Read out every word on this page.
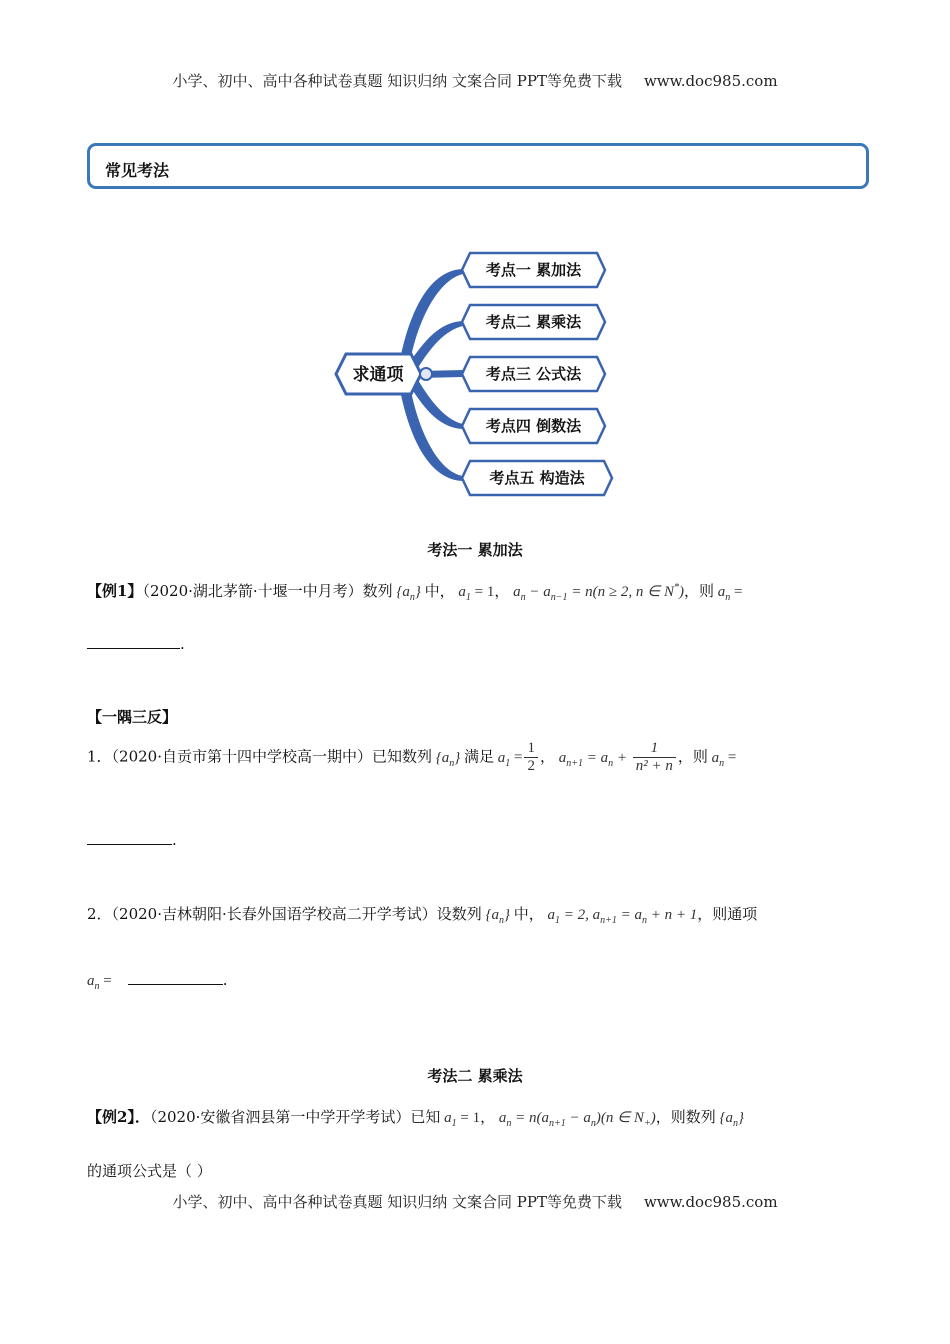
小学、初中、高中各种试卷真题 知识归纳 文案合同 PPT等免费下载 www.doc985.com
常见考法
求通项
考点一 累加法
考点二 累乘法
考点三 公式法
考点四 倒数法
考点五 构造法
考法一 累加法
【例1】（2020·湖北茅箭·十堰一中月考）数列 $\{a_n\}$ 中， $a_1 = 1$， $a_n - a_{n-1} = n(n \ge 2$, n ∈ N*)，则 $a_n$ =
.
【一隅三反】
1．（2020·自贡市第十四中学校高一期中）已知数列 $\{a_n\}$ 满足 $a_1 = \frac{1}{2}$ ， $a_{n+1} = a_n + \frac{1}{\text{n² + n}}$ ，则 $a_n$ =
.
2．（2020·吉林朝阳·长春外国语学校高二开学考试）设数列 $\{a_n\}$ 中， $a_1 = 2$, $a_{n+1} = a_n + n + 1$，则通项
$a_n$ =	.
考法二 累乘法
【例2】．（2020·安徽省泗县第一中学开学考试）已知 $a_1 = 1$， $a_n = n(a_{n+1} - a_n)(n$ ∈ $N_+$)，则数列 $\{a_n\}$
的通项公式是（ ）
小学、初中、高中各种试卷真题 知识归纳 文案合同 PPT等免费下载 www.doc985.com
